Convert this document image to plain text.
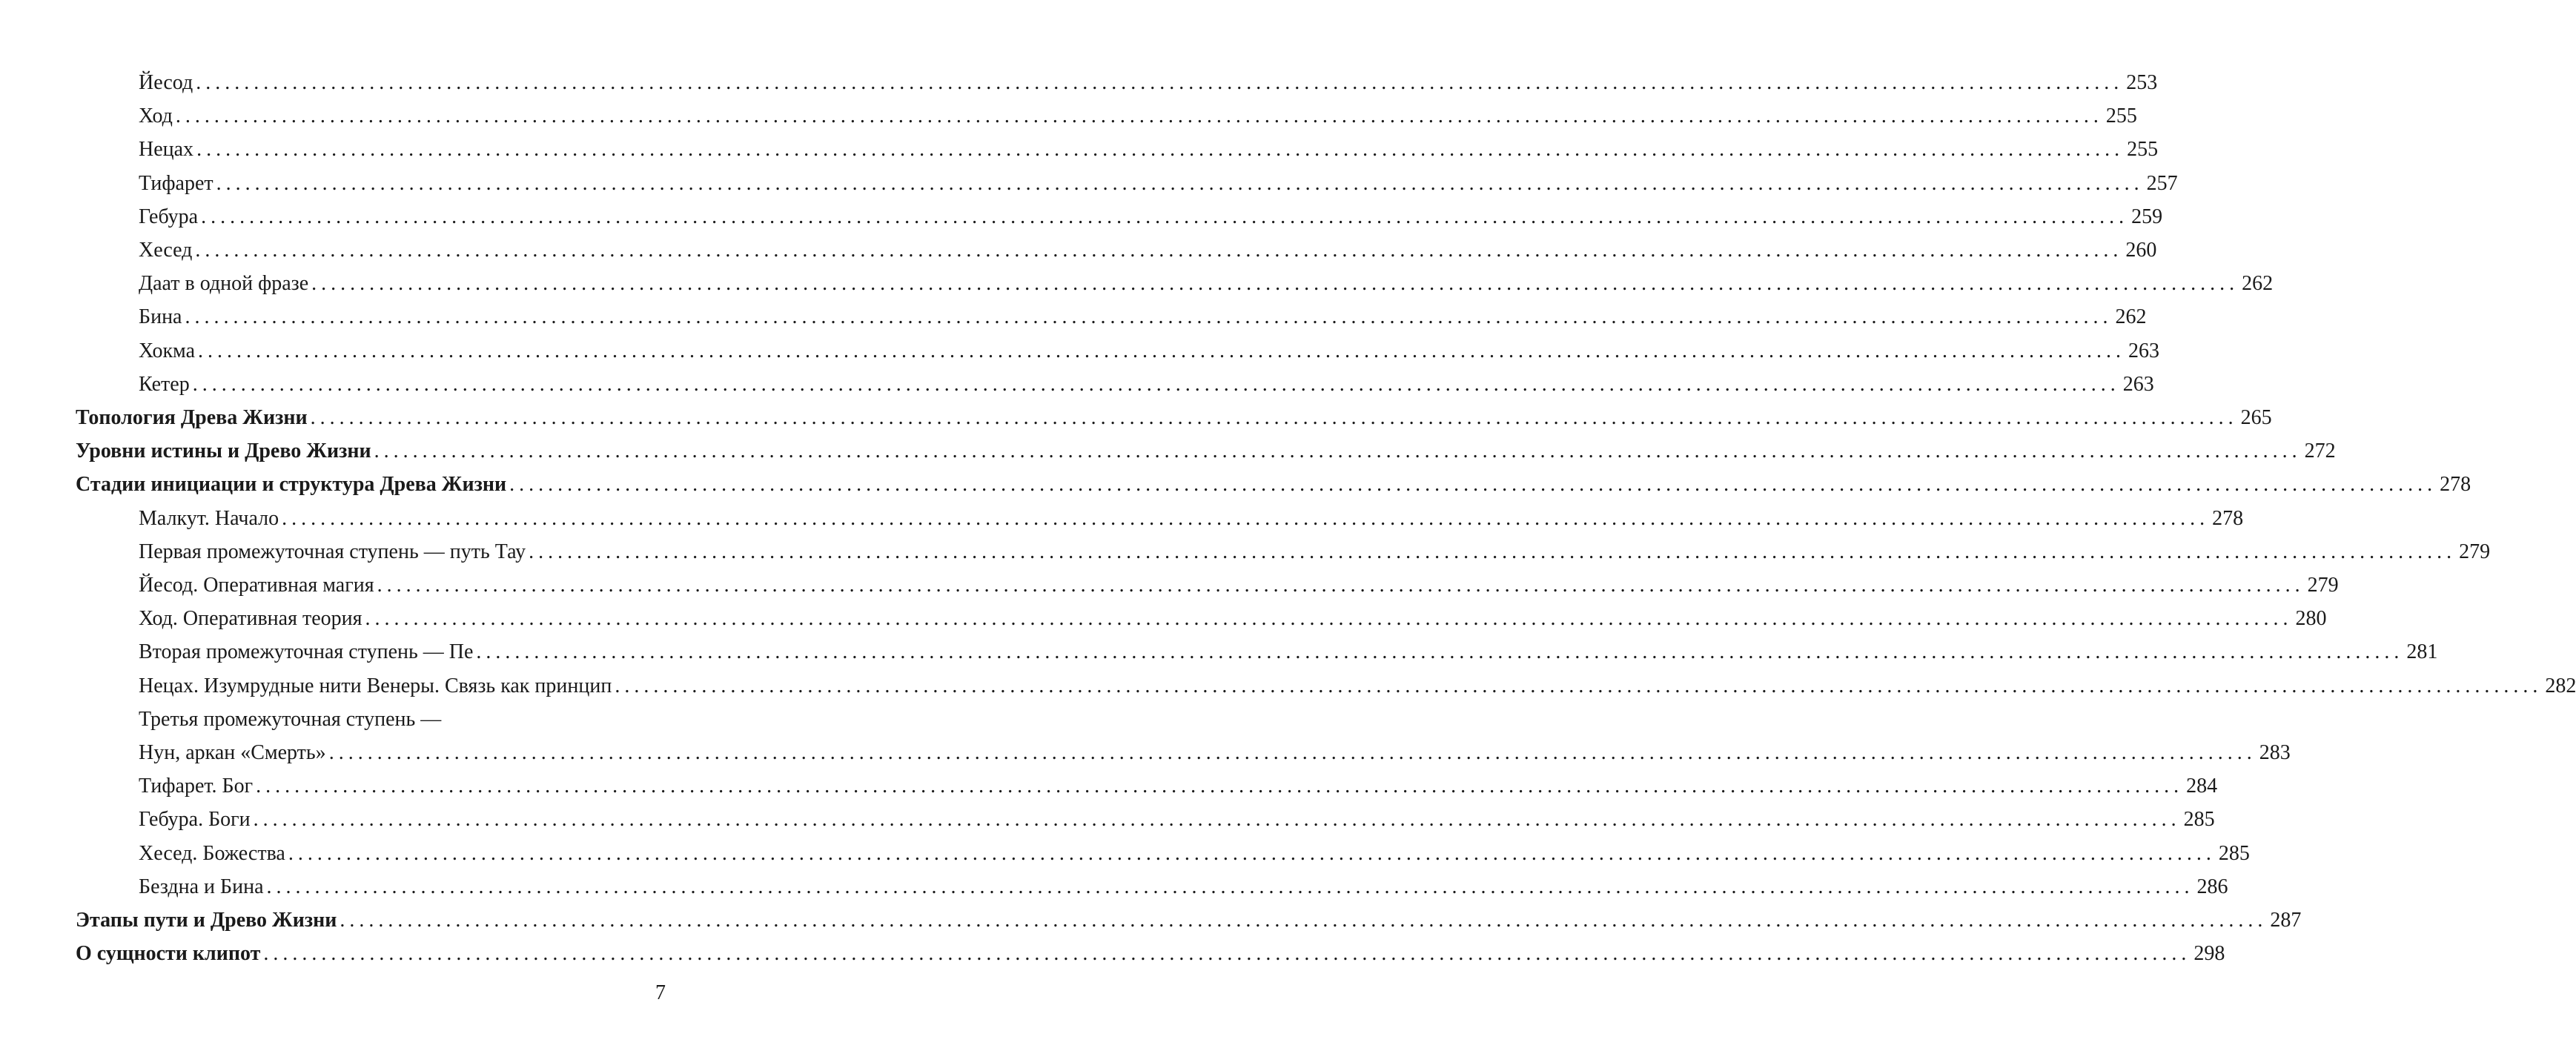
Йесод ........................................................................................................................................................................................................ 253
Ход ........................................................................................................................................................................................................ 255
Нецах ........................................................................................................................................................................................................ 255
Тифарет ........................................................................................................................................................................................................ 257
Гебура ........................................................................................................................................................................................................ 259
Хесед ........................................................................................................................................................................................................ 260
Даат в одной фразе ........................................................................................................................................................................................................ 262
Бина ........................................................................................................................................................................................................ 262
Хокма ........................................................................................................................................................................................................ 263
Кетер ........................................................................................................................................................................................................ 263
Топология Древа Жизни ........................................................................................................................................................................................................ 265
Уровни истины и Древо Жизни ........................................................................................................................................................................................................ 272
Стадии инициации и структура Древа Жизни ........................................................................................................................................................................................................ 278
Малкут. Начало ........................................................................................................................................................................................................ 278
Первая промежуточная ступень — путь Тау ........................................................................................................................................................................................................ 279
Йесод. Оперативная магия ........................................................................................................................................................................................................ 279
Ход. Оперативная теория ........................................................................................................................................................................................................ 280
Вторая промежуточная ступень — Пе ........................................................................................................................................................................................................ 281
Нецах. Изумрудные нити Венеры. Связь как принцип ........................................................................................................................................................................................................ 282
Третья промежуточная ступень —
Нун, аркан «Смерть» ........................................................................................................................................................................................................ 283
Тифарет. Бог ........................................................................................................................................................................................................ 284
Гебура. Боги ........................................................................................................................................................................................................ 285
Хесед. Божества ........................................................................................................................................................................................................ 285
Бездна и Бина ........................................................................................................................................................................................................ 286
Этапы пути и Древо Жизни ........................................................................................................................................................................................................ 287
О сущности клипот ........................................................................................................................................................................................................ 298
7
